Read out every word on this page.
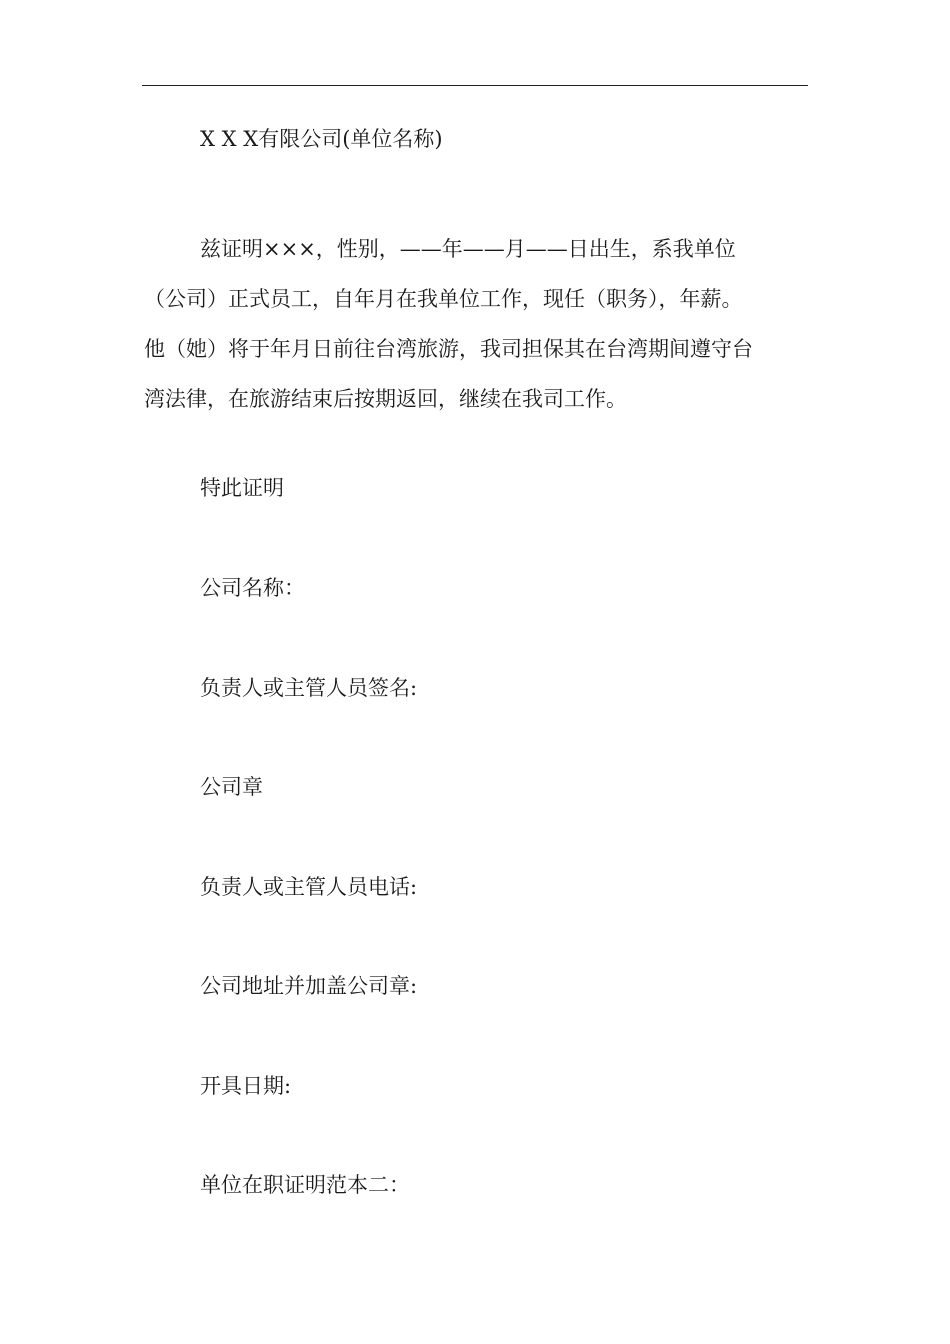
X X X有限公司(单位名称)
兹证明×××，性别，——年——月——日出生，系我单位
（公司）正式员工，自年月在我单位工作，现任（职务），年薪。
他（她）将于年月日前往台湾旅游，我司担保其在台湾期间遵守台
湾法律，在旅游结束后按期返回，继续在我司工作。
特此证明
公司名称：
负责人或主管人员签名:
公司章
负责人或主管人员电话:
公司地址并加盖公司章:
开具日期:
单位在职证明范本二：
